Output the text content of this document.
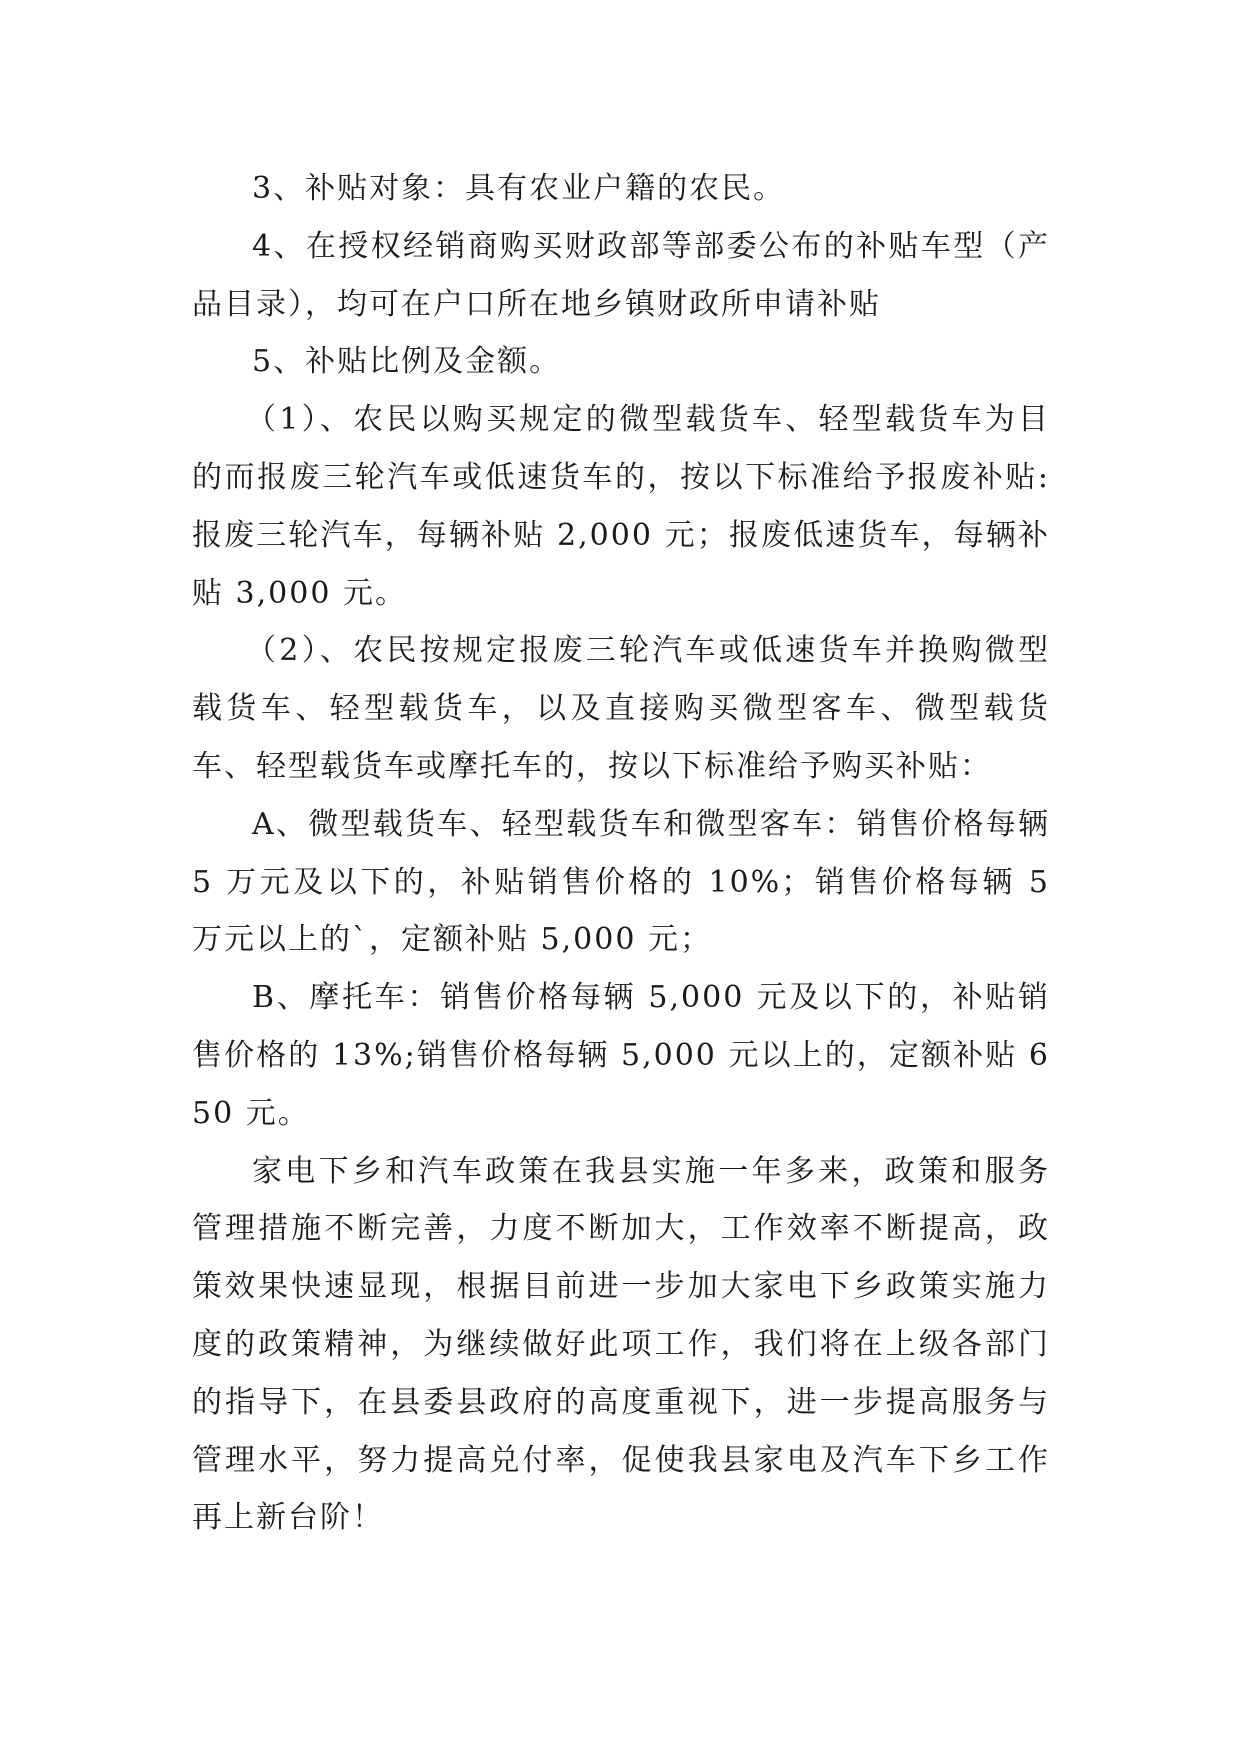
3、补贴对象：具有农业户籍的农民。

4、在授权经销商购买财政部等部委公布的补贴车型（产品目录），均可在户口所在地乡镇财政所申请补贴

5、补贴比例及金额。

（1）、农民以购买规定的微型载货车、轻型载货车为目的而报废三轮汽车或低速货车的，按以下标准给予报废补贴:报废三轮汽车，每辆补贴 2,000 元；报废低速货车，每辆补贴 3,000 元。

（2）、农民按规定报废三轮汽车或低速货车并换购微型载货车、轻型载货车，以及直接购买微型客车、微型载货车、轻型载货车或摩托车的，按以下标准给予购买补贴：

A、微型载货车、轻型载货车和微型客车：销售价格每辆 5 万元及以下的，补贴销售价格的 10%；销售价格每辆 5 万元以上的`，定额补贴 5,000 元；

B、摩托车：销售价格每辆 5,000 元及以下的，补贴销售价格的 13%;销售价格每辆 5,000 元以上的，定额补贴 650 元。

家电下乡和汽车政策在我县实施一年多来，政策和服务管理措施不断完善，力度不断加大，工作效率不断提高，政策效果快速显现，根据目前进一步加大家电下乡政策实施力度的政策精神，为继续做好此项工作，我们将在上级各部门的指导下，在县委县政府的高度重视下，进一步提高服务与管理水平，努力提高兑付率，促使我县家电及汽车下乡工作再上新台阶！
